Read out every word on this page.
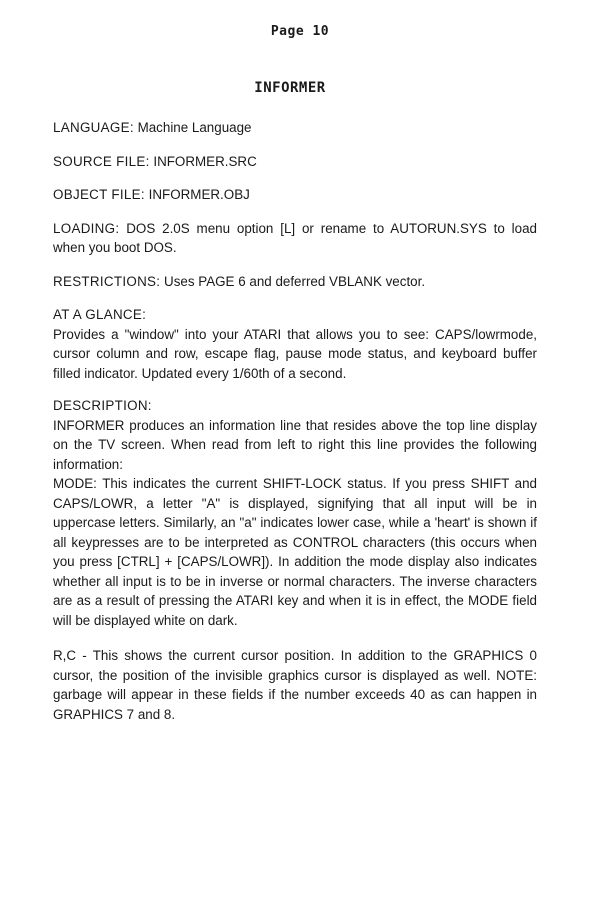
Page 10
INFORMER
LANGUAGE: Machine Language
SOURCE FILE: INFORMER.SRC
OBJECT FILE: INFORMER.OBJ
LOADING: DOS 2.0S menu option [L] or rename to AUTORUN.SYS to load when you boot DOS.
RESTRICTIONS: Uses PAGE 6 and deferred VBLANK vector.
AT A GLANCE:

Provides a "window" into your ATARI that allows you to see: CAPS/lowrmode, cursor column and row, escape flag, pause mode status, and keyboard buffer filled indicator. Updated every 1/60th of a second.

DESCRIPTION:

INFORMER produces an information line that resides above the top line display on the TV screen. When read from left to right this line provides the following information:

MODE: This indicates the current SHIFT-LOCK status. If you press SHIFT and CAPS/LOWR, a letter "A" is displayed, signifying that all input will be in uppercase letters. Similarly, an "a" indicates lower case, while a 'heart' is shown if all keypresses are to be interpreted as CONTROL characters (this occurs when you press [CTRL] + [CAPS/LOWR]). In addition the mode display also indicates whether all input is to be in inverse or normal characters. The inverse characters are as a result of pressing the ATARI key and when it is in effect, the MODE field will be displayed white on dark.

R,C - This shows the current cursor position. In addition to the GRAPHICS 0 cursor, the position of the invisible graphics cursor is displayed as well. NOTE: garbage will appear in these fields if the number exceeds 40 as can happen in GRAPHICS 7 and 8.
